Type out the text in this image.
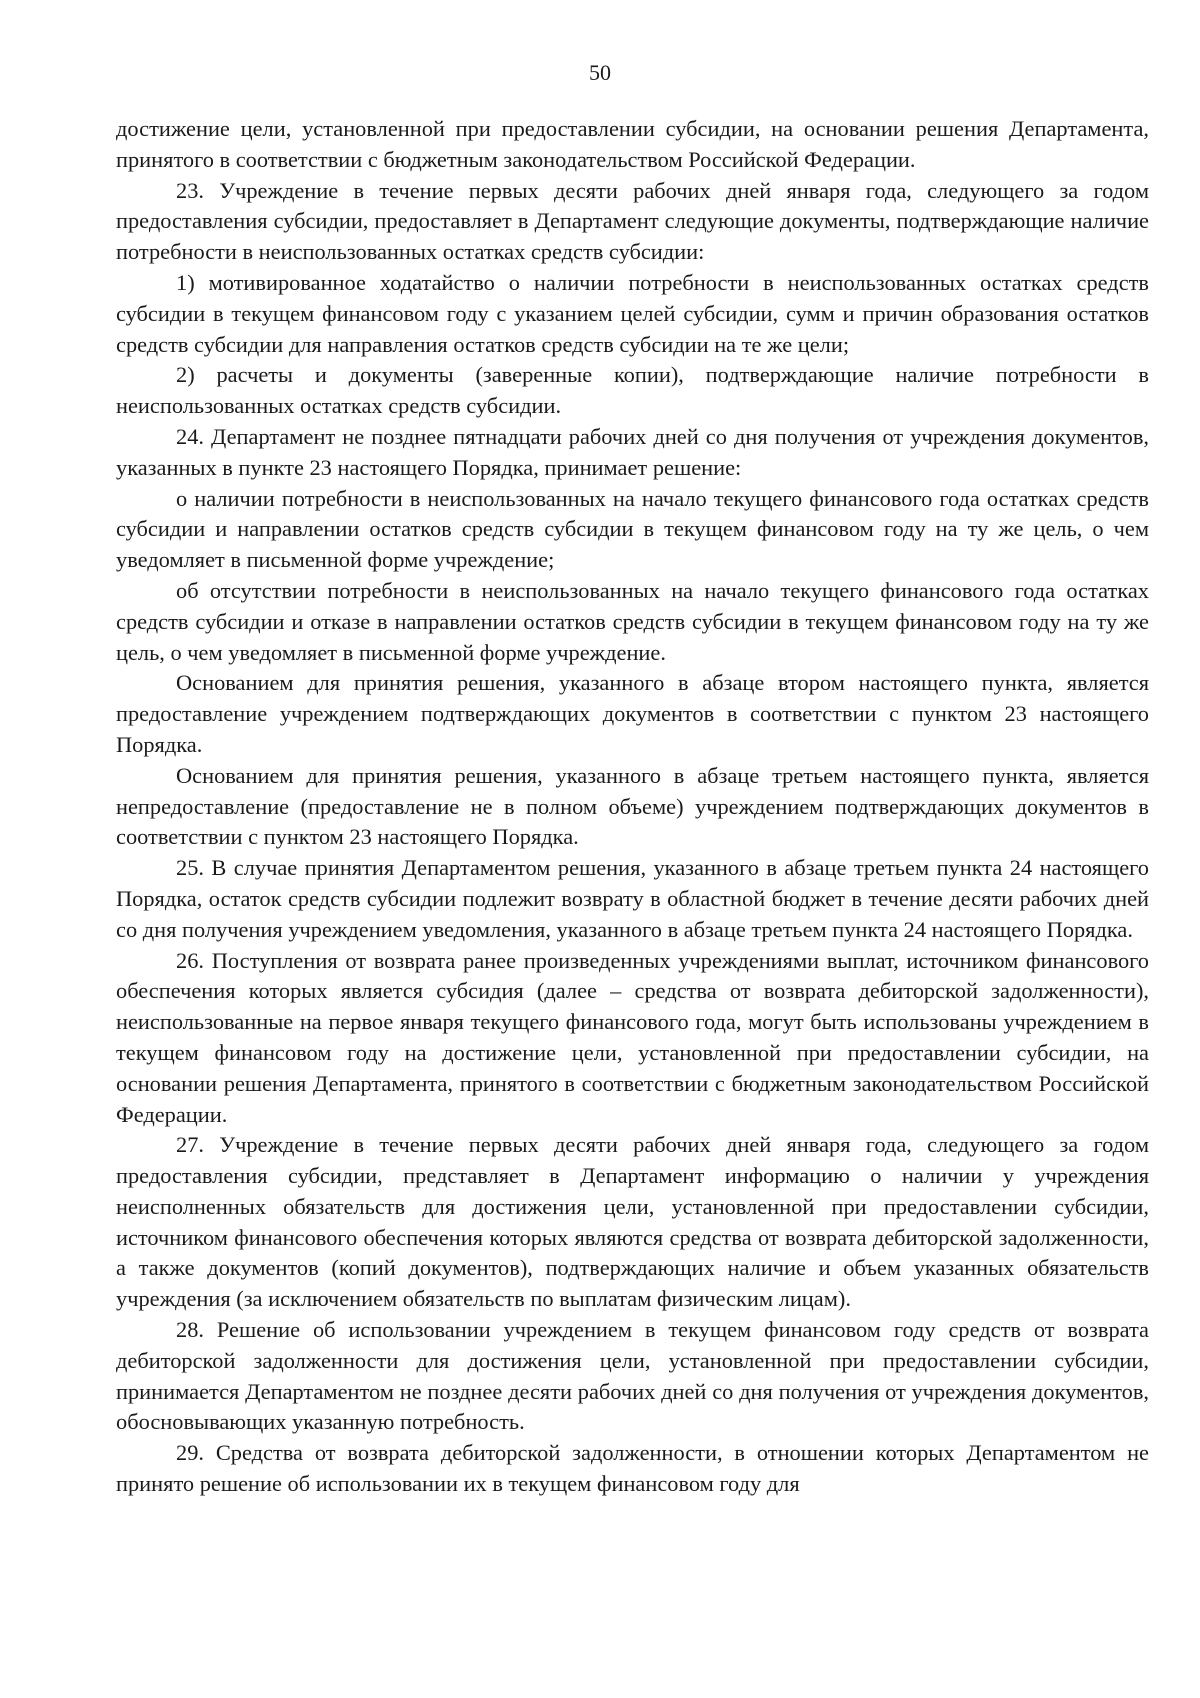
50

достижение цели, установленной при предоставлении субсидии, на основании решения Департамента, принятого в соответствии с бюджетным законодательством Российской Федерации.

23. Учреждение в течение первых десяти рабочих дней января года, следующего за годом предоставления субсидии, предоставляет в Департамент следующие документы, подтверждающие наличие потребности в неиспользованных остатках средств субсидии:

1) мотивированное ходатайство о наличии потребности в неиспользованных остатках средств субсидии в текущем финансовом году с указанием целей субсидии, сумм и причин образования остатков средств субсидии для направления остатков средств субсидии на те же цели;

2) расчеты и документы (заверенные копии), подтверждающие наличие потребности в неиспользованных остатках средств субсидии.

24. Департамент не позднее пятнадцати рабочих дней со дня получения от учреждения документов, указанных в пункте 23 настоящего Порядка, принимает решение:

о наличии потребности в неиспользованных на начало текущего финансового года остатках средств субсидии и направлении остатков средств субсидии в текущем финансовом году на ту же цель, о чем уведомляет в письменной форме учреждение;

об отсутствии потребности в неиспользованных на начало текущего финансового года остатках средств субсидии и отказе в направлении остатков средств субсидии в текущем финансовом году на ту же цель, о чем уведомляет в письменной форме учреждение.

Основанием для принятия решения, указанного в абзаце втором настоящего пункта, является предоставление учреждением подтверждающих документов в соответствии с пунктом 23 настоящего Порядка.

Основанием для принятия решения, указанного в абзаце третьем настоящего пункта, является непредоставление (предоставление не в полном объеме) учреждением подтверждающих документов в соответствии с пунктом 23 настоящего Порядка.

25. В случае принятия Департаментом решения, указанного в абзаце третьем пункта 24 настоящего Порядка, остаток средств субсидии подлежит возврату в областной бюджет в течение десяти рабочих дней со дня получения учреждением уведомления, указанного в абзаце третьем пункта 24 настоящего Порядка.

26. Поступления от возврата ранее произведенных учреждениями выплат, источником финансового обеспечения которых является субсидия (далее – средства от возврата дебиторской задолженности), неиспользованные на первое января текущего финансового года, могут быть использованы учреждением в текущем финансовом году на достижение цели, установленной при предоставлении субсидии, на основании решения Департамента, принятого в соответствии с бюджетным законодательством Российской Федерации.

27. Учреждение в течение первых десяти рабочих дней января года, следующего за годом предоставления субсидии, представляет в Департамент информацию о наличии у учреждения неисполненных обязательств для достижения цели, установленной при предоставлении субсидии, источником финансового обеспечения которых являются средства от возврата дебиторской задолженности, а также документов (копий документов), подтверждающих наличие и объем указанных обязательств учреждения (за исключением обязательств по выплатам физическим лицам).

28. Решение об использовании учреждением в текущем финансовом году средств от возврата дебиторской задолженности для достижения цели, установленной при предоставлении субсидии, принимается Департаментом не позднее десяти рабочих дней со дня получения от учреждения документов, обосновывающих указанную потребность.

29. Средства от возврата дебиторской задолженности, в отношении которых Департаментом не принято решение об использовании их в текущем финансовом году для
